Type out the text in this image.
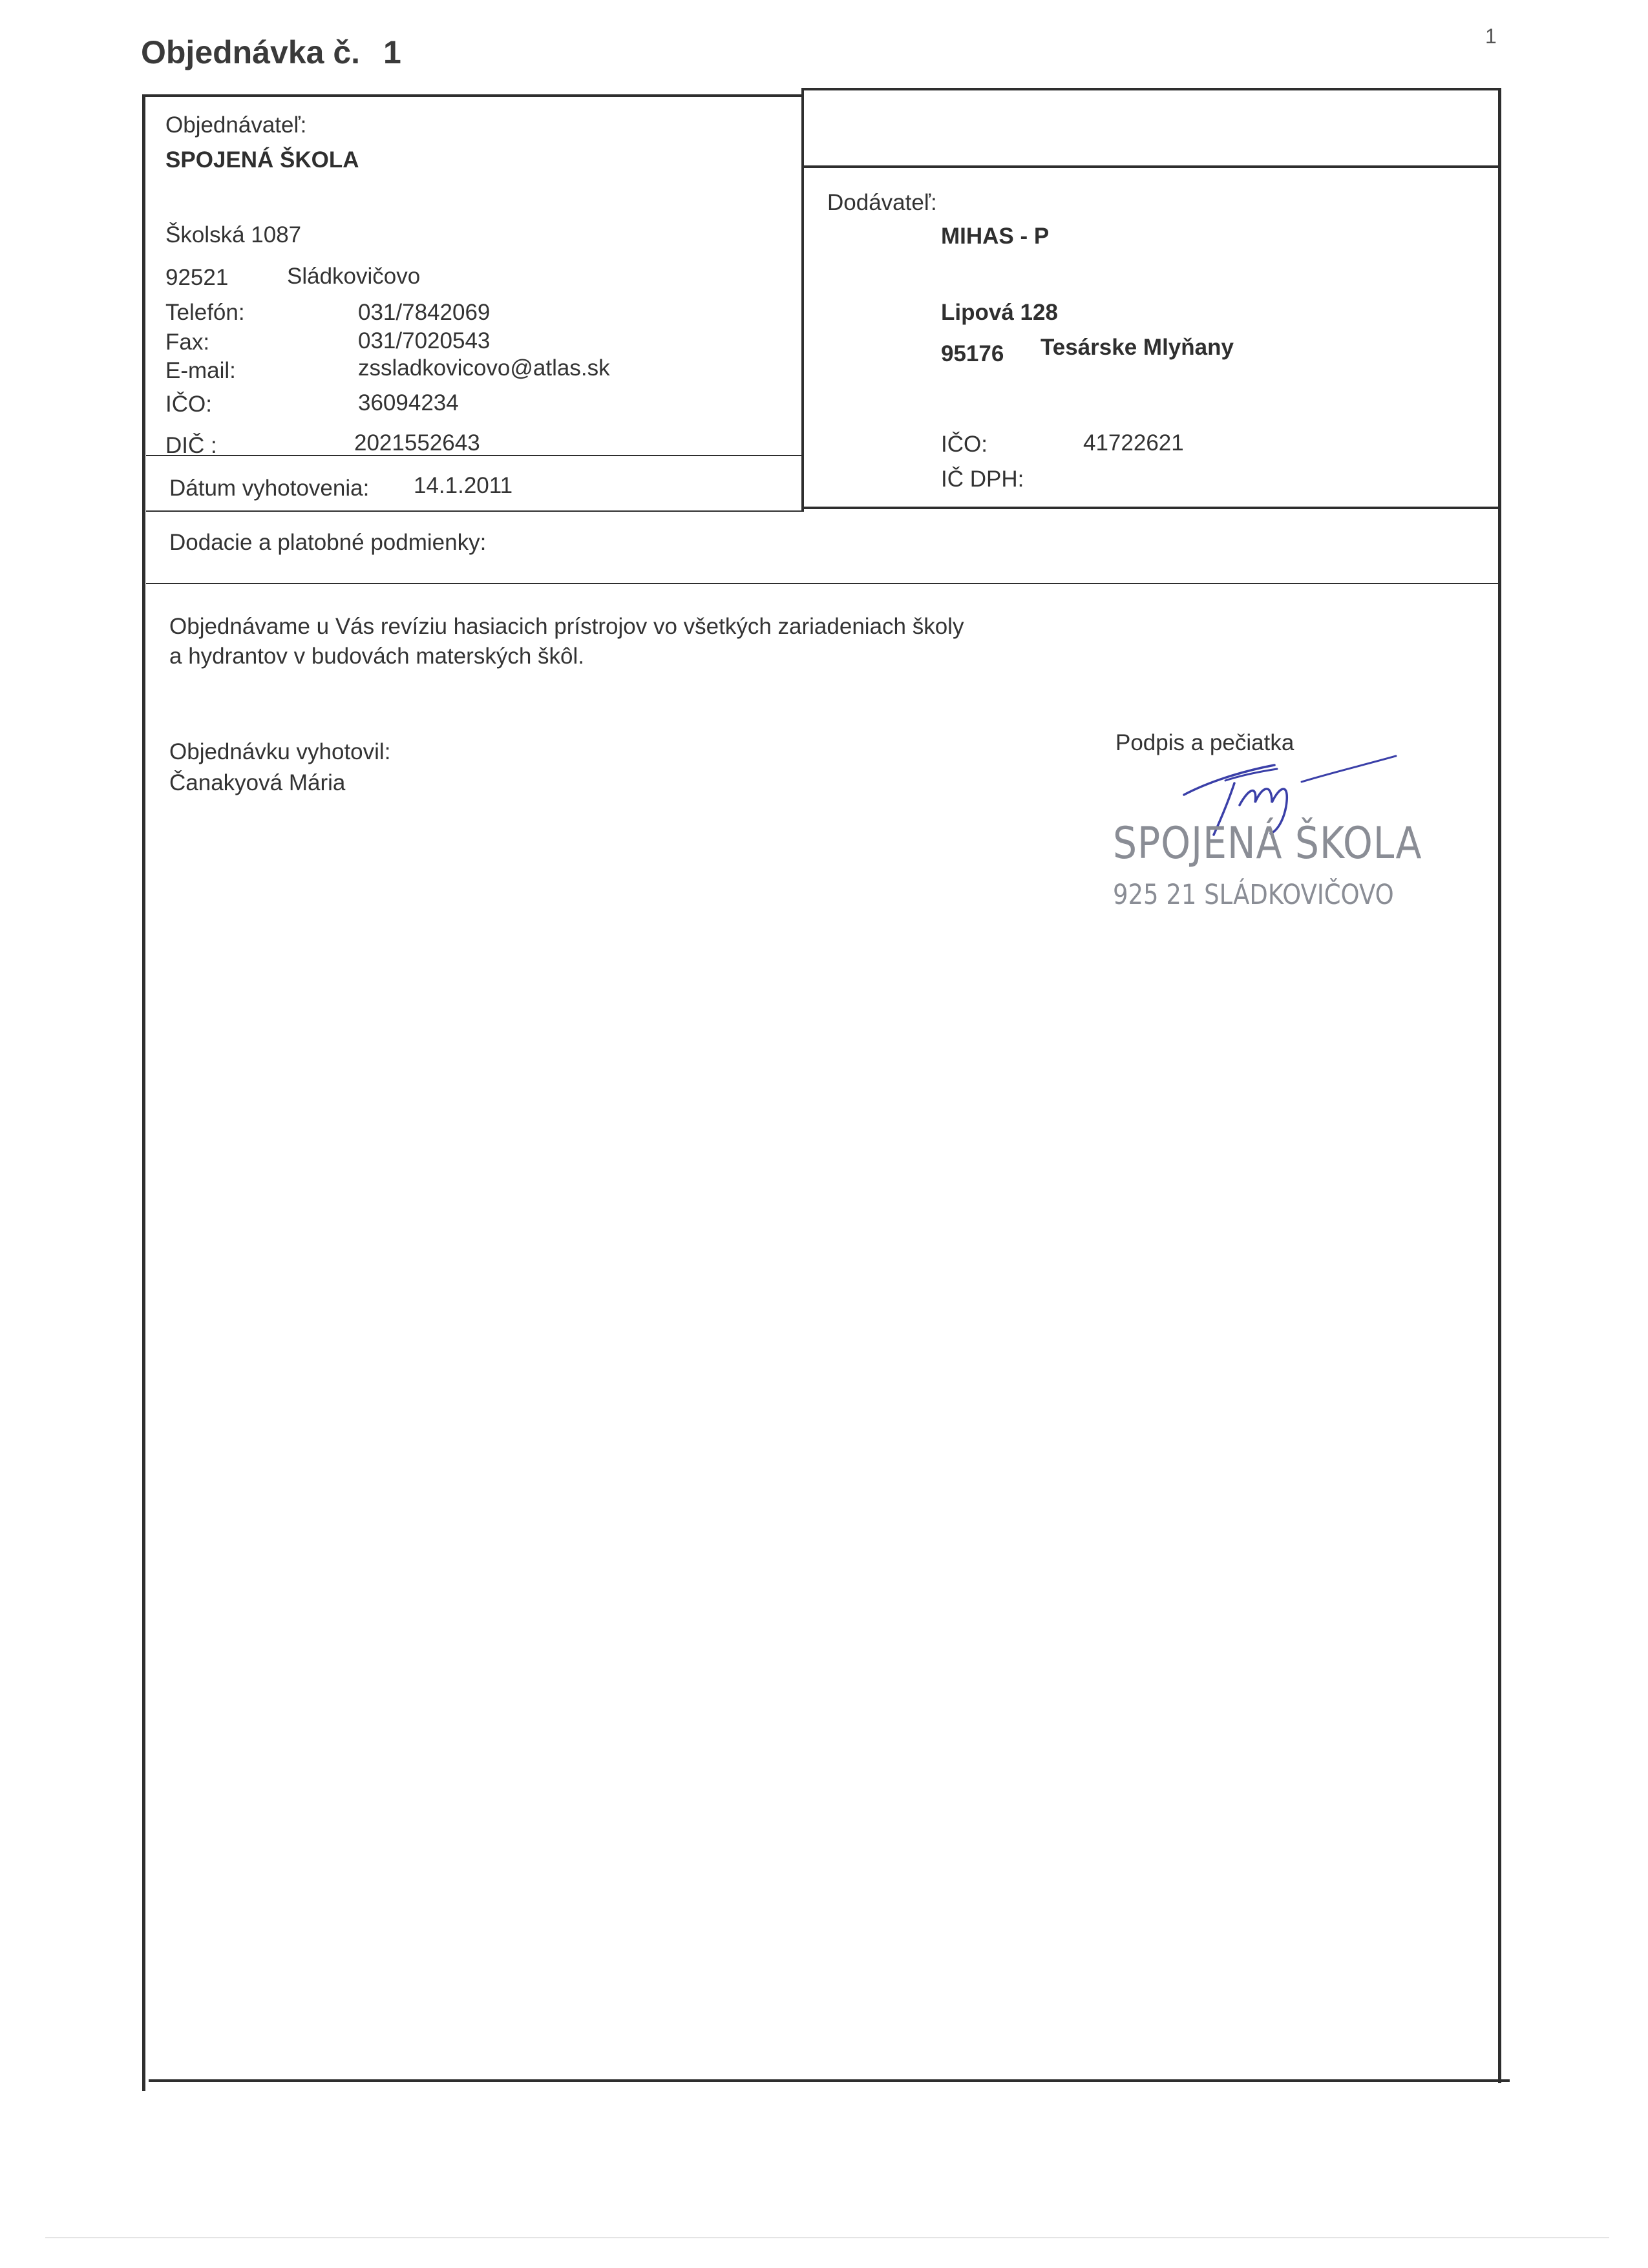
Objednávka č. 1	1
Objednávateľ:
SPOJENÁ ŠKOLA
Školská 1087
92521	Sládkovičovo
Telefón:	031/7842069
Fax:	031/7020543
E-mail:	zssladkovicovo@atlas.sk
IČO:	36094234
DIČ :	2021552643
Dátum vyhotovenia: 14.1.2011
Dodávateľ:
MIHAS - P
Lipová 128
95176 Tesárske Mlyňany
IČO:	41722621
IČ DPH:
Dodacie a platobné podmienky:
Objednávame u Vás revíziu hasiacich prístrojov vo všetkých zariadeniach školy
a hydrantov v budovách materských škôl.
Objednávku vyhotovil:
Čanakyová Mária
Podpis a pečiatka
SPOJENÁ ŠKOLA
925 21 SLÁDKOVIČOVO
